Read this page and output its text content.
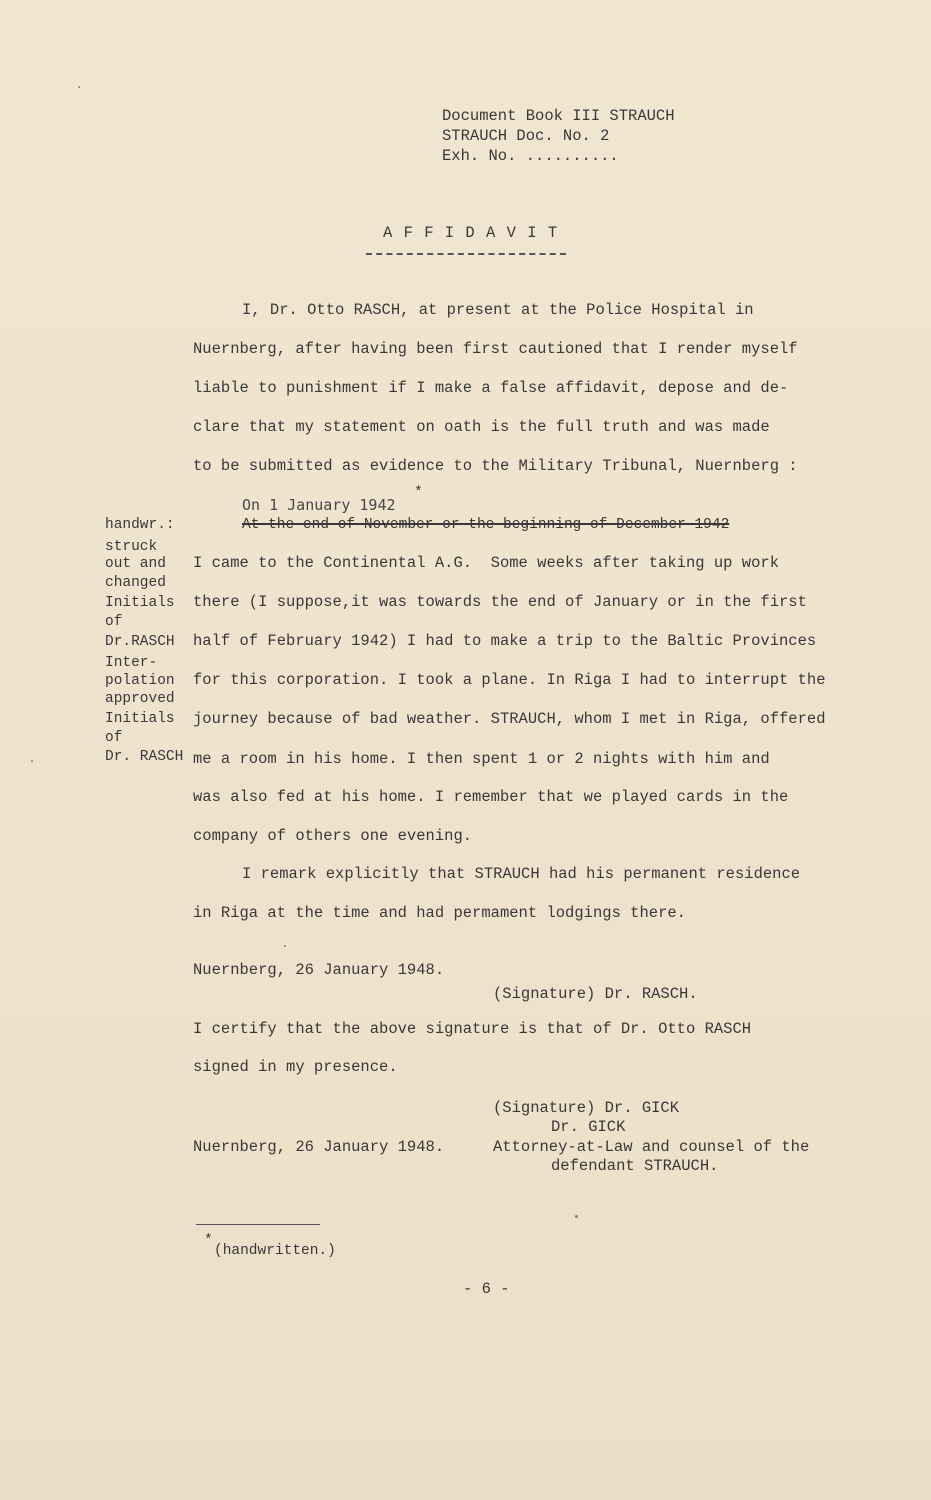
Document Book III STRAUCH
STRAUCH Doc. No. 2
Exh. No. ..........
A F F I D A V I T
I, Dr. Otto RASCH, at present at the Police Hospital in
Nuernberg, after having been first cautioned that I render myself
liable to punishment if I make a false affidavit, depose and de-
clare that my statement on oath is the full truth and was made
to be submitted as evidence to the Military Tribunal, Nuernberg :
On 1 January 1942
*
At the end of November or the beginning of December 1942
handwr.:
struck
out and
changed
Initials
of
Dr.RASCH
Inter-
polation
approved
Initials
of
Dr. RASCH
I came to the Continental A.G.  Some weeks after taking up work
there (I suppose,it was towards the end of January or in the first
half of February 1942) I had to make a trip to the Baltic Provinces
for this corporation. I took a plane. In Riga I had to interrupt the
journey because of bad weather. STRAUCH, whom I met in Riga, offered
me a room in his home. I then spent 1 or 2 nights with him and
was also fed at his home. I remember that we played cards in the
company of others one evening.
I remark explicitly that STRAUCH had his permanent residence
in Riga at the time and had permament lodgings there.
Nuernberg, 26 January 1948.
(Signature) Dr. RASCH.
I certify that the above signature is that of Dr. Otto RASCH
signed in my presence.
(Signature) Dr. GICK
Dr. GICK
Nuernberg, 26 January 1948.	Attorney-at-Law and counsel of the
defendant STRAUCH.
*
(handwritten.)
- 6 -
